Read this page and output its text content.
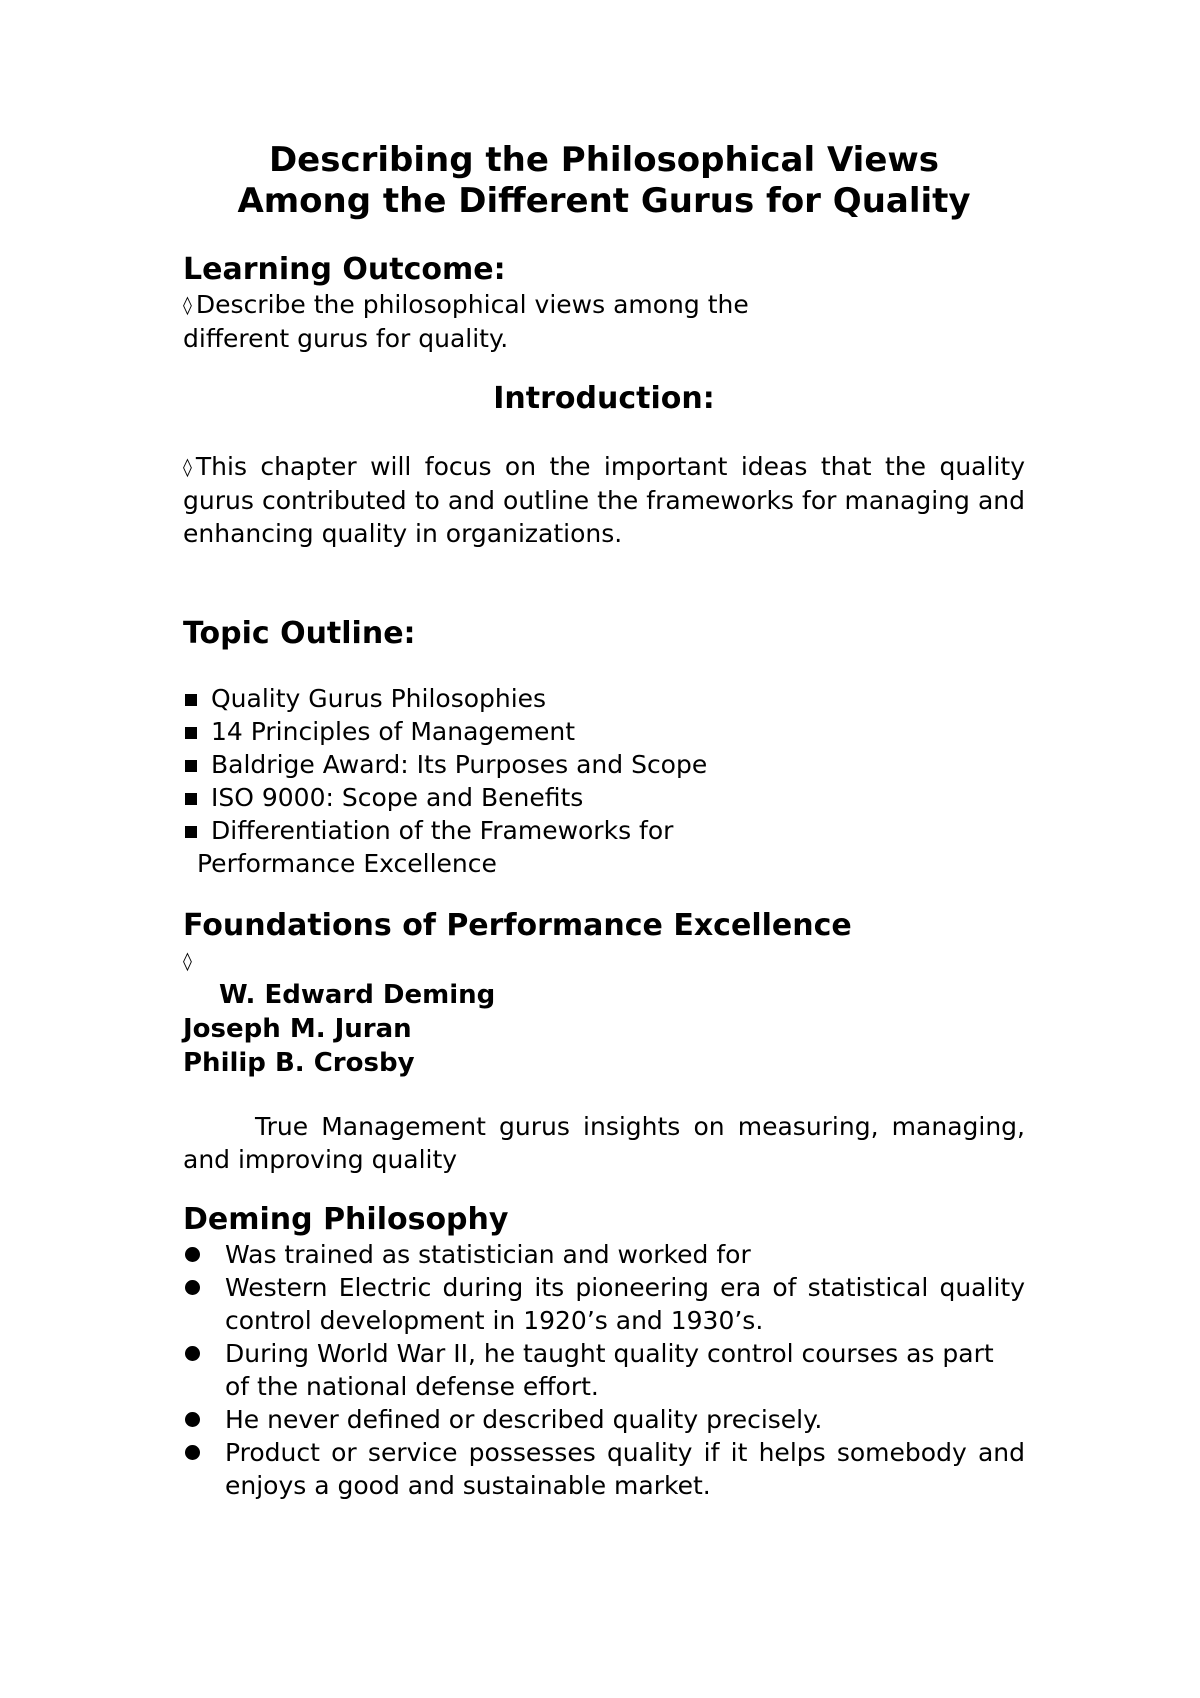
Describing the Philosophical Views
Among the Different Gurus for Quality
Learning Outcome:

◊ Describe the philosophical views among the
different gurus for quality.

Introduction:

◊ This chapter will focus on the important ideas that the quality gurus contributed to and outline the frameworks for managing and enhancing quality in organizations.

Topic Outline:
Quality Gurus Philosophies
14 Principles of Management
Baldrige Award: Its Purposes and Scope
ISO 9000: Scope and Benefits
Differentiation of the Frameworks for
Performance Excellence
Foundations of Performance Excellence
◊

W. Edward Deming

Joseph M. Juran

Philip B. Crosby

True Management gurus insights on measuring, managing, and improving quality

Deming Philosophy
Was trained as statistician and worked for
Western Electric during its pioneering era of statistical quality control development in 1920’s and 1930’s.
During World War II, he taught quality control courses as part of the national defense effort.
He never defined or described quality precisely.
Product or service possesses quality if it helps somebody and enjoys a good and sustainable market.
